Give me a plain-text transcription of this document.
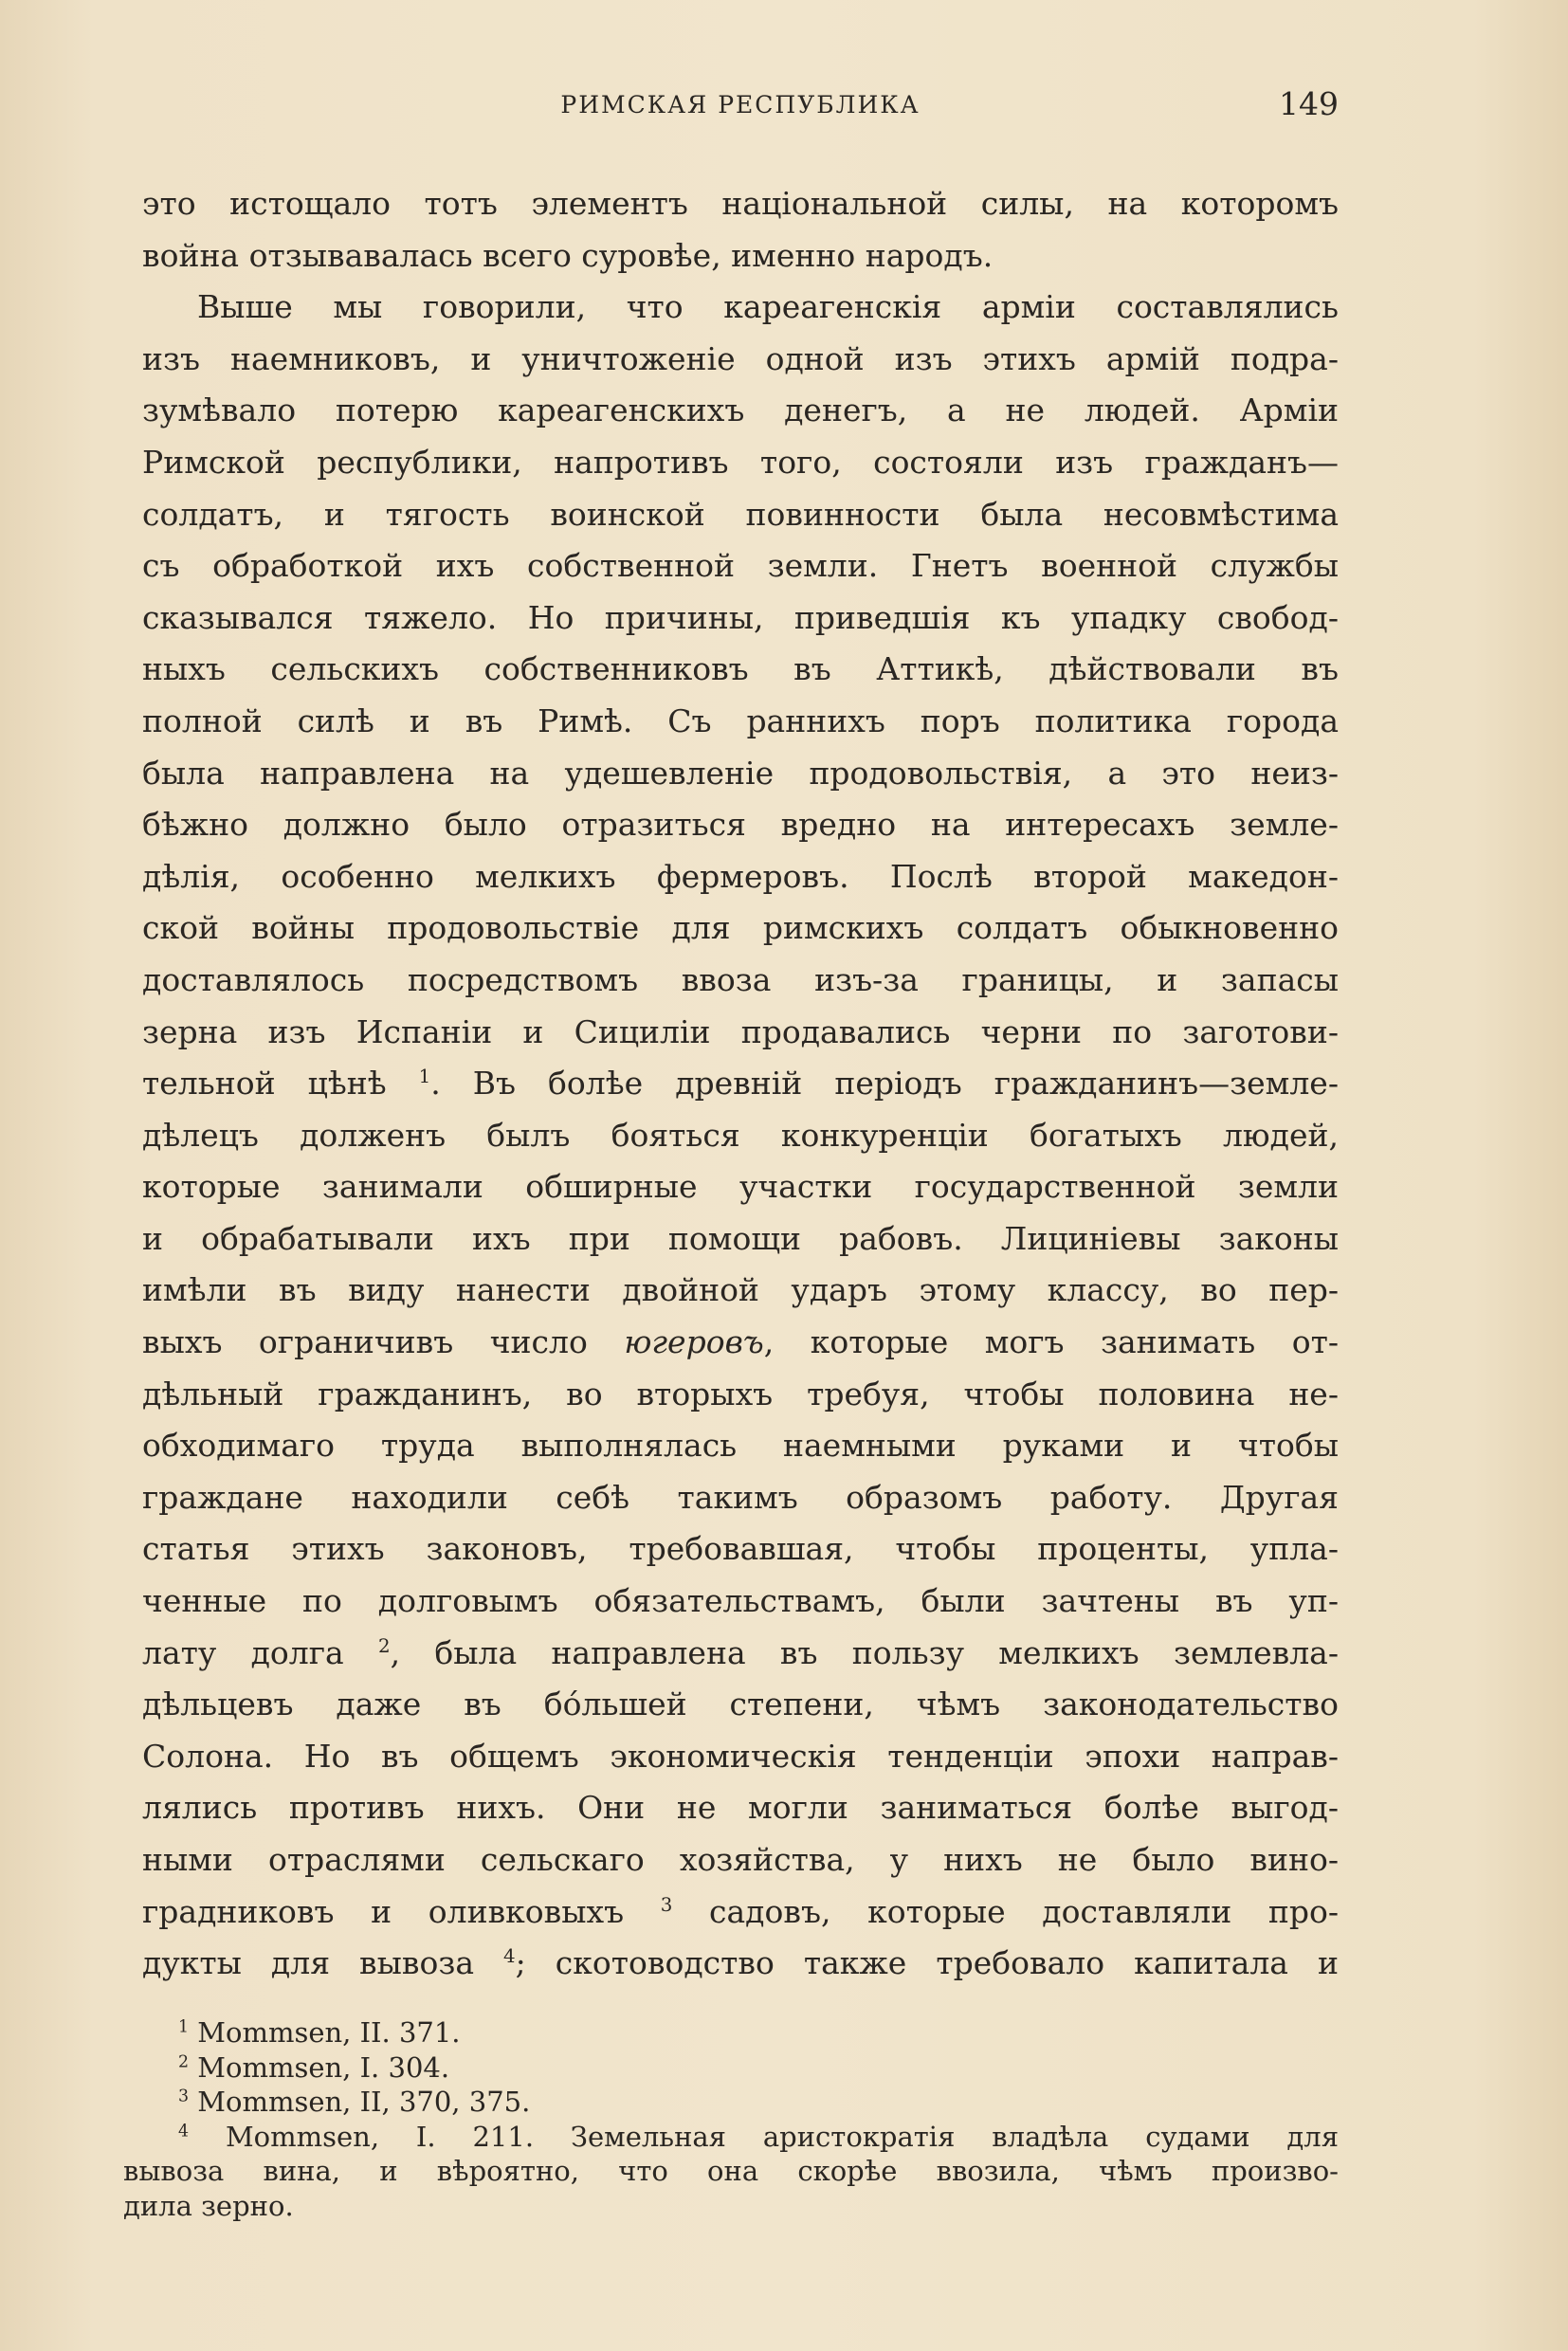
РИМСКАЯ РЕСПУБЛИКА	149
это истощало тотъ элементъ національной силы, на которомъ
война отзывавалась всего суровѣе, именно народъ.
Выше мы говорили, что кареагенскія арміи составлялись
изъ наемниковъ, и уничтоженіе одной изъ этихъ армій подра-
зумѣвало потерю кареагенскихъ денегъ, а не людей. Арміи
Римской республики, напротивъ того, состояли изъ гражданъ—
солдатъ, и тягость воинской повинности была несовмѣстима
съ обработкой ихъ собственной земли. Гнетъ военной службы
сказывался тяжело. Но причины, приведшія къ упадку свобод-
ныхъ сельскихъ собственниковъ въ Аттикѣ, дѣйствовали въ
полной силѣ и въ Римѣ. Съ раннихъ поръ политика города
была направлена на удешевленіе продовольствія, а это неиз-
бѣжно должно было отразиться вредно на интересахъ земле-
дѣлія, особенно мелкихъ фермеровъ. Послѣ второй македон-
ской войны продовольствіе для римскихъ солдатъ обыкновенно
доставлялось посредствомъ ввоза изъ-за границы, и запасы
зерна изъ Испаніи и Сициліи продавались черни по заготови-
тельной цѣнѣ $^1$. Въ болѣе древній періодъ гражданинъ—земле-
дѣлецъ долженъ былъ бояться конкуренціи богатыхъ людей,
которые занимали обширные участки государственной земли
и обрабатывали ихъ при помощи рабовъ. Лициніевы законы
имѣли въ виду нанести двойной ударъ этому классу, во пер-
выхъ ограничивъ число югеровъ, которые могъ занимать от-
дѣльный гражданинъ, во вторыхъ требуя, чтобы половина не-
обходимаго труда выполнялась наемными руками и чтобы
граждане находили себѣ такимъ образомъ работу. Другая
статья этихъ законовъ, требовавшая, чтобы проценты, упла-
ченные по долговымъ обязательствамъ, были зачтены въ уп-
лату долга $^2$, была направлена въ пользу мелкихъ землевла-
дѣльцевъ даже въ бо́льшей степени, чѣмъ законодательство
Солона. Но въ общемъ экономическія тенденціи эпохи направ-
лялись противъ нихъ. Они не могли заниматься болѣе выгод-
ными отраслями сельскаго хозяйства, у нихъ не было вино-
градниковъ и оливковыхъ $^3$ садовъ, которые доставляли про-
дукты для вывоза $^4$; скотоводство также требовало капитала и
$^1$ Mommsen, II. 371.
$^2$ Mommsen, I. 304.
$^3$ Mommsen, II, 370, 375.
$^4$ Mommsen, I. 211. Земельная аристократія владѣла судами для
вывоза вина, и вѣроятно, что она скорѣе ввозила, чѣмъ произво-
дила зерно.
